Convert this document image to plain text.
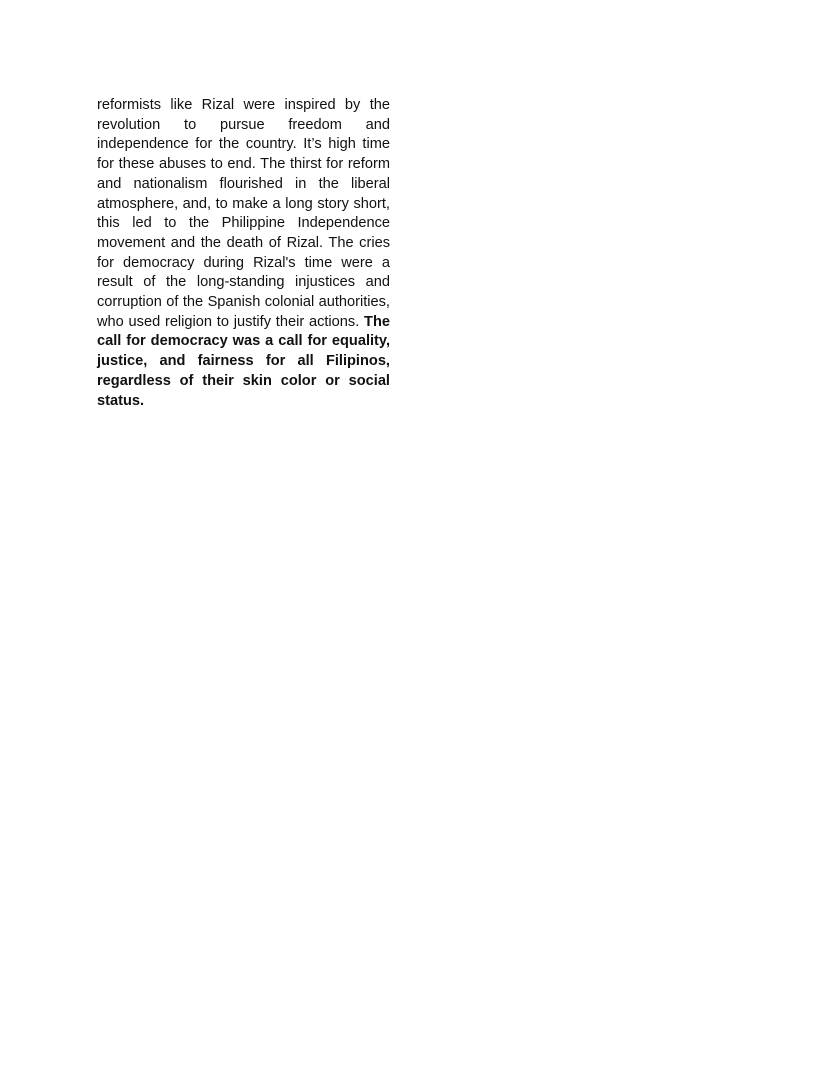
reformists like Rizal were inspired by the revolution to pursue freedom and independence for the country. It’s high time for these abuses to end. The thirst for reform and nationalism flourished in the liberal atmosphere, and, to make a long story short, this led to the Philippine Independence movement and the death of Rizal. The cries for democracy during Rizal's time were a result of the long-standing injustices and corruption of the Spanish colonial authorities, who used religion to justify their actions. The call for democracy was a call for equality, justice, and fairness for all Filipinos, regardless of their skin color or social status.
